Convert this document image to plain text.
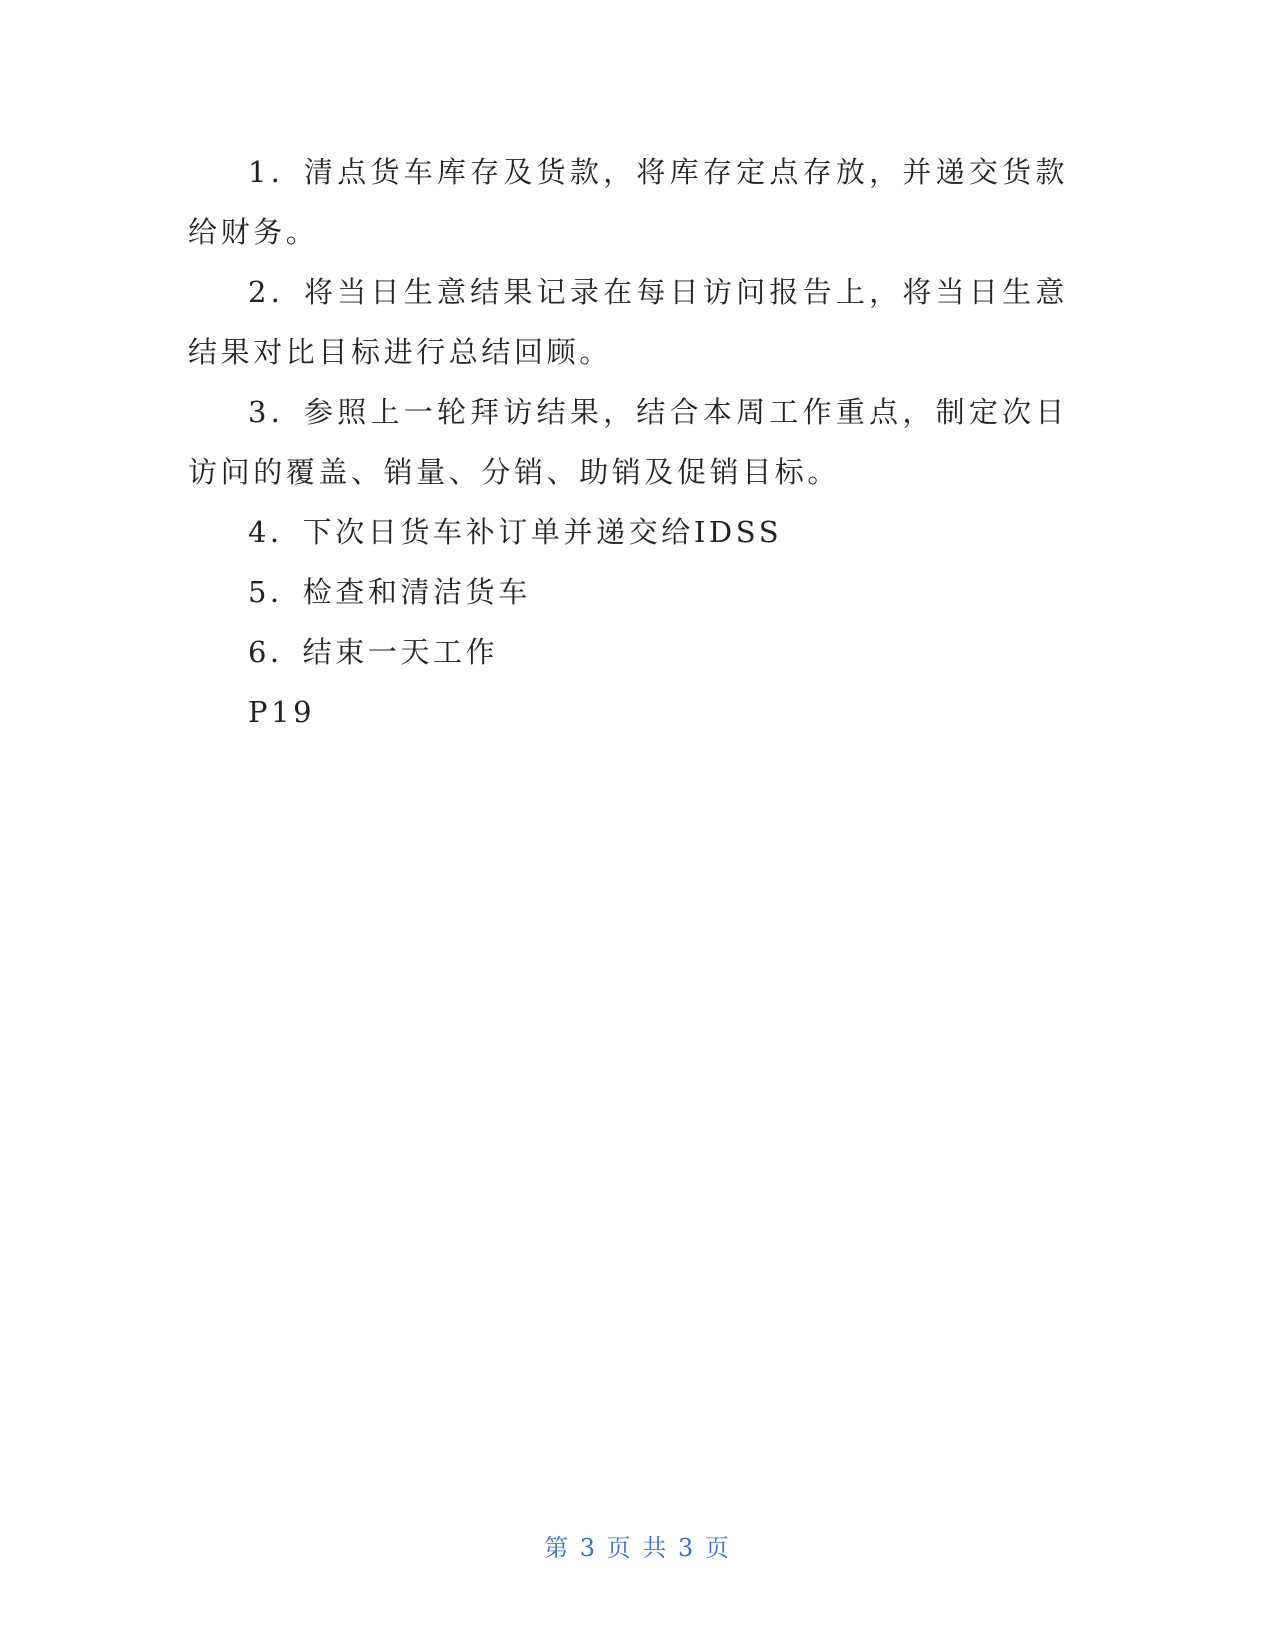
1．清点货车库存及货款，将库存定点存放，并递交货款给财务。

2．将当日生意结果记录在每日访问报告上，将当日生意结果对比目标进行总结回顾。

3．参照上一轮拜访结果，结合本周工作重点，制定次日访问的覆盖、销量、分销、助销及促销目标。

4．下次日货车补订单并递交给IDSS

5．检查和清洁货车

6．结束一天工作

P19

第 3 页 共 3 页
